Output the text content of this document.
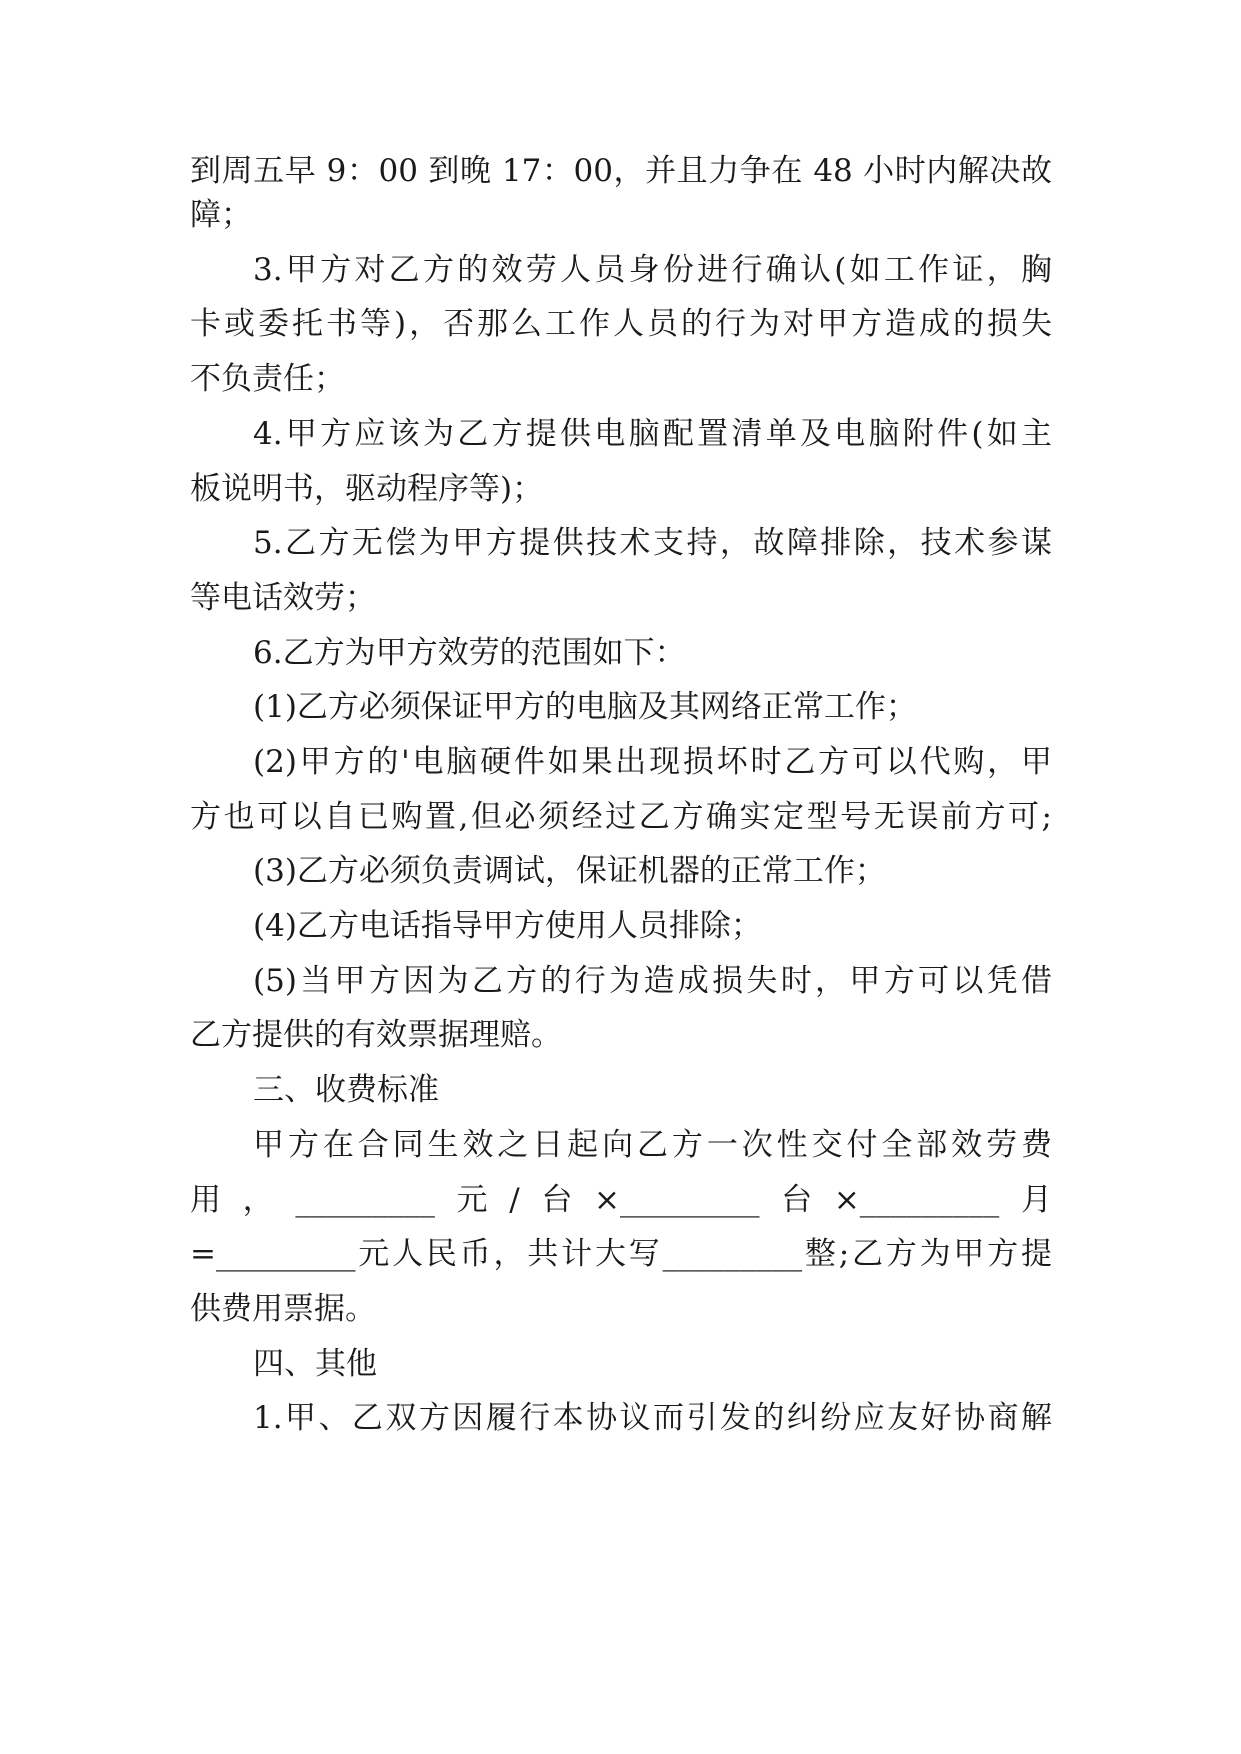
到周五早 9：00 到晚 17：00，并且力争在 48 小时内解决故
障；
3.甲方对乙方的效劳人员身份进行确认(如工作证，胸
卡或委托书等)，否那么工作人员的行为对甲方造成的损失
不负责任；
4.甲方应该为乙方提供电脑配置清单及电脑附件(如主
板说明书，驱动程序等)；
5.乙方无偿为甲方提供技术支持，故障排除，技术参谋
等电话效劳；
6.乙方为甲方效劳的范围如下：
(1)乙方必须保证甲方的电脑及其网络正常工作；
(2)甲方的'电脑硬件如果出现损坏时乙方可以代购，甲
方也可以自已购置,但必须经过乙方确实定型号无误前方可;
(3)乙方必须负责调试，保证机器的正常工作；
(4)乙方电话指导甲方使用人员排除；
(5)当甲方因为乙方的行为造成损失时，甲方可以凭借
乙方提供的有效票据理赔。
三、收费标准
甲方在合同生效之日起向乙方一次性交付全部效劳费
用，_________元/台×_________台×_________月
=_________元人民币，共计大写_________整;乙方为甲方提
供费用票据。
四、其他
1.甲、乙双方因履行本协议而引发的纠纷应友好协商解
